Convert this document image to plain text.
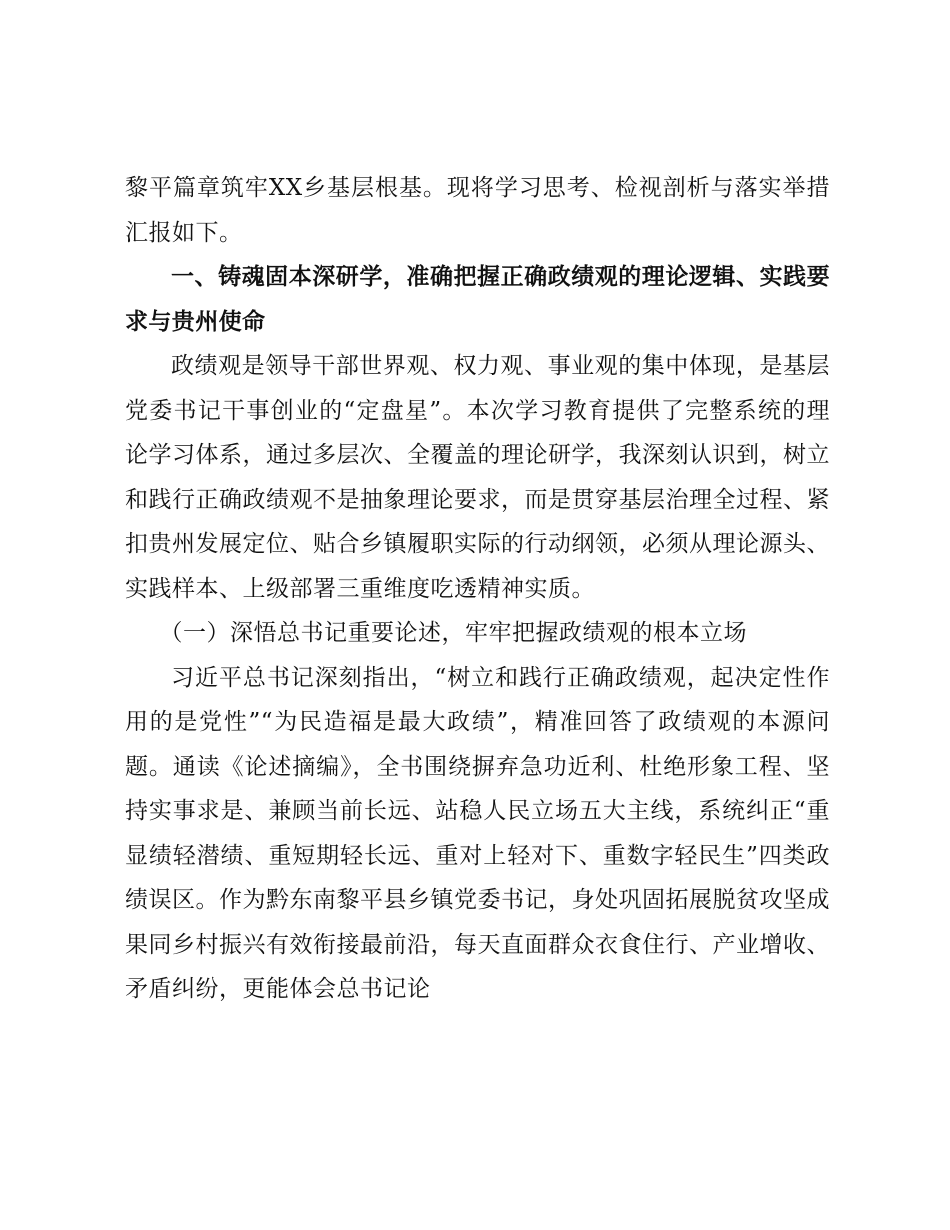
黎平篇章筑牢XX乡基层根基。现将学习思考、检视剖析与落实举措汇报如下。

一、铸魂固本深研学，准确把握正确政绩观的理论逻辑、实践要求与贵州使命

政绩观是领导干部世界观、权力观、事业观的集中体现，是基层党委书记干事创业的“定盘星”。本次学习教育提供了完整系统的理论学习体系，通过多层次、全覆盖的理论研学，我深刻认识到，树立和践行正确政绩观不是抽象理论要求，而是贯穿基层治理全过程、紧扣贵州发展定位、贴合乡镇履职实际的行动纲领，必须从理论源头、实践样本、上级部署三重维度吃透精神实质。

（一）深悟总书记重要论述，牢牢把握政绩观的根本立场

习近平总书记深刻指出，“树立和践行正确政绩观，起决定性作用的是党性”“为民造福是最大政绩”，精准回答了政绩观的本源问题。通读《论述摘编》，全书围绕摒弃急功近利、杜绝形象工程、坚持实事求是、兼顾当前长远、站稳人民立场五大主线，系统纠正“重显绩轻潜绩、重短期轻长远、重对上轻对下、重数字轻民生”四类政绩误区。作为黔东南黎平县乡镇党委书记，身处巩固拓展脱贫攻坚成果同乡村振兴有效衔接最前沿，每天直面群众衣食住行、产业增收、矛盾纠纷，更能体会总书记论
